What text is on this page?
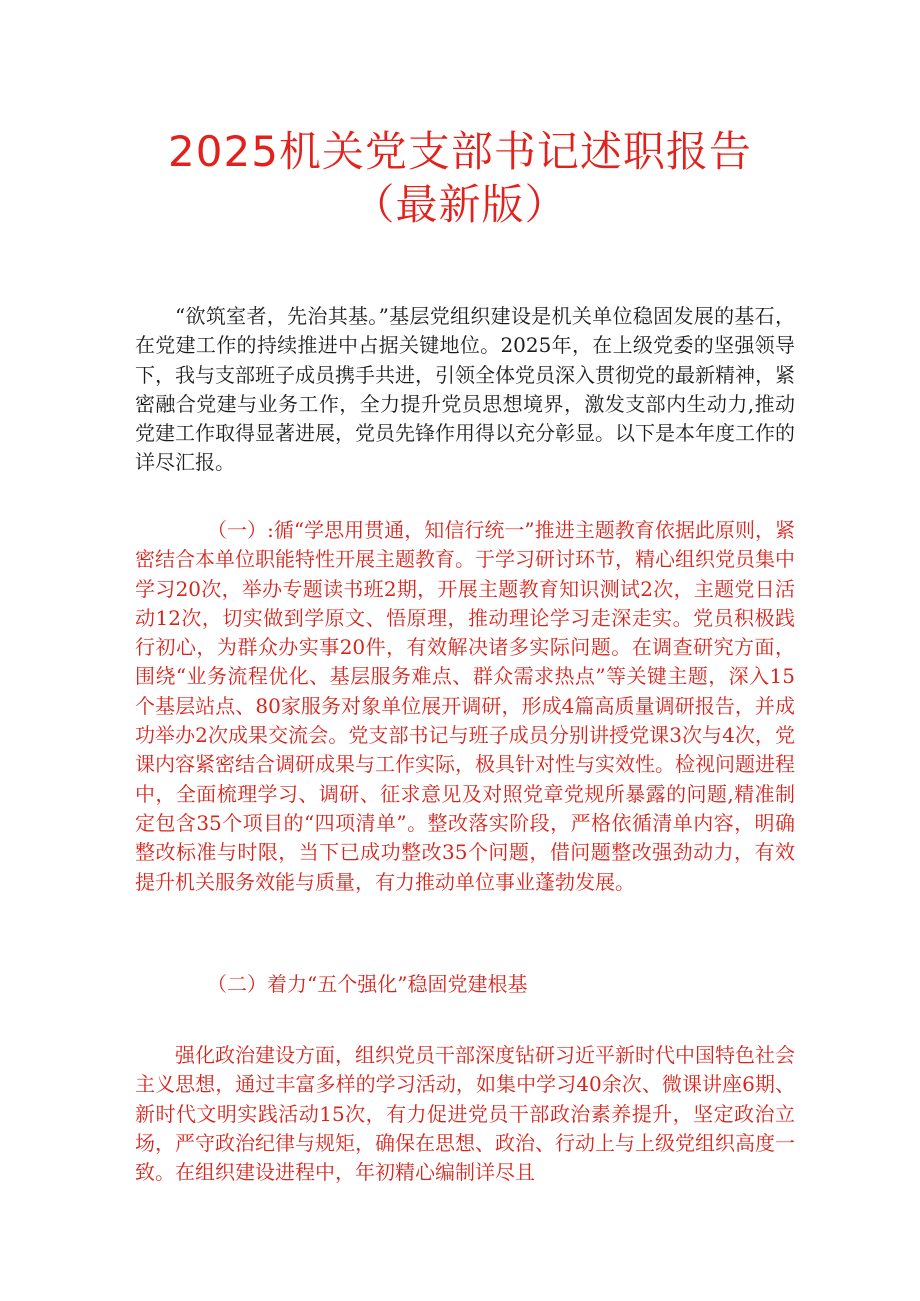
2025机关党支部书记述职报告
（最新版）

“欲筑室者，先治其基。”基层党组织建设是机关单位稳固发展的基石，在党建工作的持续推进中占据关键地位。2025年，在上级党委的坚强领导下，我与支部班子成员携手共进，引领全体党员深入贯彻党的最新精神，紧密融合党建与业务工作，全力提升党员思想境界，激发支部内生动力,推动党建工作取得显著进展，党员先锋作用得以充分彰显。以下是本年度工作的详尽汇报。

（一）:循“学思用贯通，知信行统一”推进主题教育依据此原则，紧密结合本单位职能特性开展主题教育。于学习研讨环节，精心组织党员集中学习20次，举办专题读书班2期，开展主题教育知识测试2次，主题党日活动12次，切实做到学原文、悟原理，推动理论学习走深走实。党员积极践行初心，为群众办实事20件，有效解决诸多实际问题。在调查研究方面，围绕“业务流程优化、基层服务难点、群众需求热点”等关键主题，深入15个基层站点、80家服务对象单位展开调研，形成4篇高质量调研报告，并成功举办2次成果交流会。党支部书记与班子成员分别讲授党课3次与4次，党课内容紧密结合调研成果与工作实际，极具针对性与实效性。检视问题进程中，全面梳理学习、调研、征求意见及对照党章党规所暴露的问题,精准制定包含35个项目的“四项清单”。整改落实阶段，严格依循清单内容，明确整改标准与时限，当下已成功整改35个问题，借问题整改强劲动力，有效提升机关服务效能与质量，有力推动单位事业蓬勃发展。

（二）着力“五个强化”稳固党建根基

强化政治建设方面，组织党员干部深度钻研习近平新时代中国特色社会主义思想，通过丰富多样的学习活动，如集中学习40余次、微课讲座6期、新时代文明实践活动15次，有力促进党员干部政治素养提升，坚定政治立场，严守政治纪律与规矩，确保在思想、政治、行动上与上级党组织高度一致。在组织建设进程中，年初精心编制详尽且
